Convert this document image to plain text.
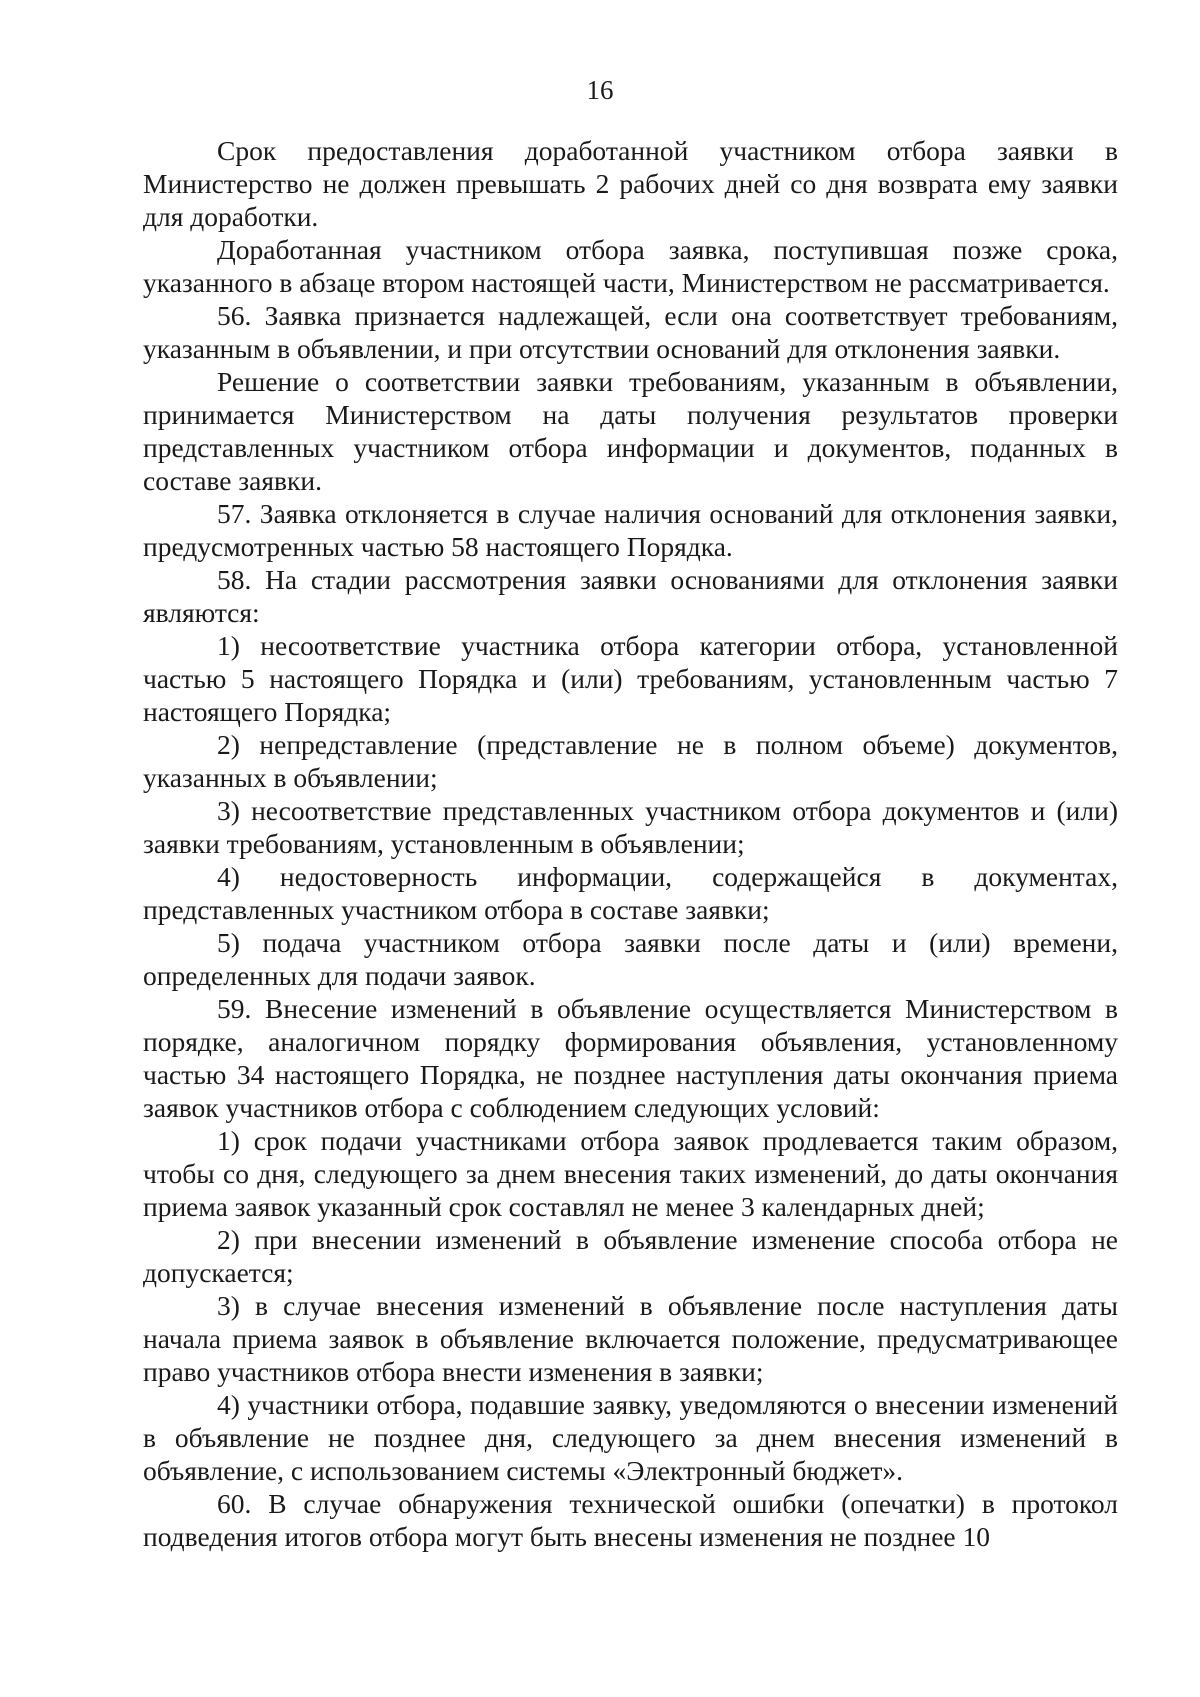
16

Срок предоставления доработанной участником отбора заявки в Министерство не должен превышать 2 рабочих дней со дня возврата ему заявки для доработки.

Доработанная участником отбора заявка, поступившая позже срока, указанного в абзаце втором настоящей части, Министерством не рассматривается.

56. Заявка признается надлежащей, если она соответствует требованиям, указанным в объявлении, и при отсутствии оснований для отклонения заявки.

Решение о соответствии заявки требованиям, указанным в объявлении, принимается Министерством на даты получения результатов проверки представленных участником отбора информации и документов, поданных в составе заявки.

57. Заявка отклоняется в случае наличия оснований для отклонения заявки, предусмотренных частью 58 настоящего Порядка.

58. На стадии рассмотрения заявки основаниями для отклонения заявки являются:

1) несоответствие участника отбора категории отбора, установленной частью 5 настоящего Порядка и (или) требованиям, установленным частью 7 настоящего Порядка;

2) непредставление (представление не в полном объеме) документов, указанных в объявлении;

3) несоответствие представленных участником отбора документов и (или) заявки требованиям, установленным в объявлении;

4) недостоверность информации, содержащейся в документах, представленных участником отбора в составе заявки;

5) подача участником отбора заявки после даты и (или) времени, определенных для подачи заявок.

59. Внесение изменений в объявление осуществляется Министерством в порядке, аналогичном порядку формирования объявления, установленному частью 34 настоящего Порядка, не позднее наступления даты окончания приема заявок участников отбора с соблюдением следующих условий:

1) срок подачи участниками отбора заявок продлевается таким образом, чтобы со дня, следующего за днем внесения таких изменений, до даты окончания приема заявок указанный срок составлял не менее 3 календарных дней;

2) при внесении изменений в объявление изменение способа отбора не допускается;

3) в случае внесения изменений в объявление после наступления даты начала приема заявок в объявление включается положение, предусматривающее право участников отбора внести изменения в заявки;

4) участники отбора, подавшие заявку, уведомляются о внесении изменений в объявление не позднее дня, следующего за днем внесения изменений в объявление, с использованием системы «Электронный бюджет».

60. В случае обнаружения технической ошибки (опечатки) в протокол подведения итогов отбора могут быть внесены изменения не позднее 10
